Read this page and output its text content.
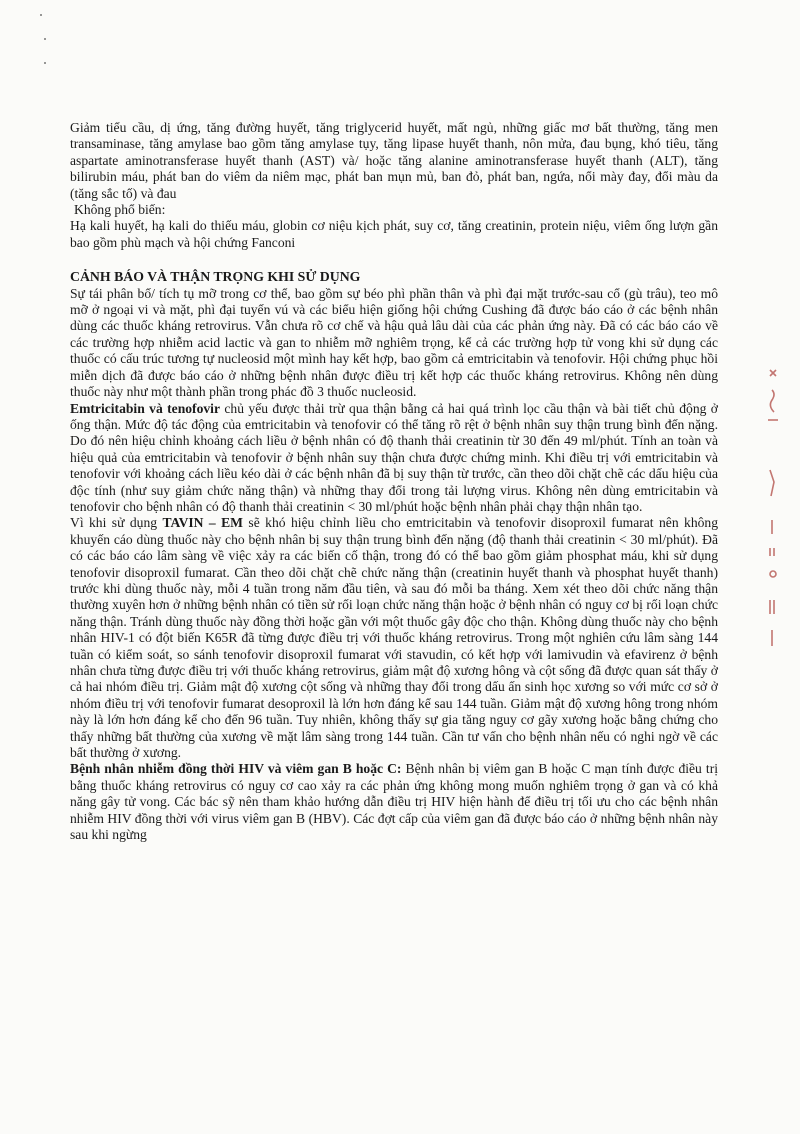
Giảm tiểu cầu, dị ứng, tăng đường huyết, tăng triglycerid huyết, mất ngủ, những giấc mơ bất thường, tăng men transaminase, tăng amylase bao gồm tăng amylase tụy, tăng lipase huyết thanh, nôn mửa, đau bụng, khó tiêu, tăng aspartate aminotransferase huyết thanh (AST) và/ hoặc tăng alanine aminotransferase huyết thanh (ALT), tăng bilirubin máu, phát ban do viêm da niêm mạc, phát ban mụn mủ, ban đỏ, phát ban, ngứa, nổi mày đay, đổi màu da (tăng sắc tố) và đau

Không phổ biến:

Hạ kali huyết, hạ kali do thiếu máu, globin cơ niệu kịch phát, suy cơ, tăng creatinin, protein niệu, viêm ống lượn gần bao gồm phù mạch và hội chứng Fanconi

CẢNH BÁO VÀ THẬN TRỌNG KHI SỬ DỤNG

Sự tái phân bố/ tích tụ mỡ trong cơ thể, bao gồm sự béo phì phần thân và phì đại mặt trước-sau cổ (gù trâu), teo mô mỡ ở ngoại vi và mặt, phì đại tuyến vú và các biểu hiện giống hội chứng Cushing đã được báo cáo ở các bệnh nhân dùng các thuốc kháng retrovirus. Vẫn chưa rõ cơ chế và hậu quả lâu dài của các phản ứng này. Đã có các báo cáo về các trường hợp nhiễm acid lactic và gan to nhiễm mỡ nghiêm trọng, kể cả các trường hợp tử vong khi sử dụng các thuốc có cấu trúc tương tự nucleosid một mình hay kết hợp, bao gồm cả emtricitabin và tenofovir. Hội chứng phục hồi miễn dịch đã được báo cáo ở những bệnh nhân được điều trị kết hợp các thuốc kháng retrovirus. Không nên dùng thuốc này như một thành phần trong phác đồ 3 thuốc nucleosid.

Emtricitabin và tenofovir chủ yếu được thải trừ qua thận bằng cả hai quá trình lọc cầu thận và bài tiết chủ động ở ống thận. Mức độ tác động của emtricitabin và tenofovir có thể tăng rõ rệt ở bệnh nhân suy thận trung bình đến nặng. Do đó nên hiệu chỉnh khoảng cách liều ở bệnh nhân có độ thanh thải creatinin từ 30 đến 49 ml/phút. Tính an toàn và hiệu quả của emtricitabin và tenofovir ở bệnh nhân suy thận chưa được chứng minh. Khi điều trị với emtricitabin và tenofovir với khoảng cách liều kéo dài ở các bệnh nhân đã bị suy thận từ trước, cần theo dõi chặt chẽ các dấu hiệu của độc tính (như suy giảm chức năng thận) và những thay đổi trong tải lượng virus. Không nên dùng emtricitabin và tenofovir cho bệnh nhân có độ thanh thải creatinin < 30 ml/phút hoặc bệnh nhân phải chạy thận nhân tạo.

Vì khi sử dụng TAVIN – EM sẽ khó hiệu chỉnh liều cho emtricitabin và tenofovir disoproxil fumarat nên không khuyến cáo dùng thuốc này cho bệnh nhân bị suy thận trung bình đến nặng (độ thanh thải creatinin < 30 ml/phút). Đã có các báo cáo lâm sàng về việc xảy ra các biến cố thận, trong đó có thể bao gồm giảm phosphat máu, khi sử dụng tenofovir disoproxil fumarat. Cần theo dõi chặt chẽ chức năng thận (creatinin huyết thanh và phosphat huyết thanh) trước khi dùng thuốc này, mỗi 4 tuần trong năm đầu tiên, và sau đó mỗi ba tháng. Xem xét theo dõi chức năng thận thường xuyên hơn ở những bệnh nhân có tiền sử rối loạn chức năng thận hoặc ở bệnh nhân có nguy cơ bị rối loạn chức năng thận. Tránh dùng thuốc này đồng thời hoặc gần với một thuốc gây độc cho thận. Không dùng thuốc này cho bệnh nhân HIV-1 có đột biến K65R đã từng được điều trị với thuốc kháng retrovirus. Trong một nghiên cứu lâm sàng 144 tuần có kiểm soát, so sánh tenofovir disoproxil fumarat với stavudin, có kết hợp với lamivudin và efavirenz ở bệnh nhân chưa từng được điều trị với thuốc kháng retrovirus, giảm mật độ xương hông và cột sống đã được quan sát thấy ở cả hai nhóm điều trị. Giảm mật độ xương cột sống và những thay đổi trong dấu ấn sinh học xương so với mức cơ sở ở nhóm điều trị với tenofovir fumarat desoproxil là lớn hơn đáng kể sau 144 tuần. Giảm mật độ xương hông trong nhóm này là lớn hơn đáng kể cho đến 96 tuần. Tuy nhiên, không thấy sự gia tăng nguy cơ gãy xương hoặc bằng chứng cho thấy những bất thường của xương về mặt lâm sàng trong 144 tuần. Cần tư vấn cho bệnh nhân nếu có nghi ngờ về các bất thường ở xương.

Bệnh nhân nhiễm đồng thời HIV và viêm gan B hoặc C: Bệnh nhân bị viêm gan B hoặc C mạn tính được điều trị bằng thuốc kháng retrovirus có nguy cơ cao xảy ra các phản ứng không mong muốn nghiêm trọng ở gan và có khả năng gây tử vong. Các bác sỹ nên tham khảo hướng dẫn điều trị HIV hiện hành để điều trị tối ưu cho các bệnh nhân nhiễm HIV đồng thời với virus viêm gan B (HBV). Các đợt cấp của viêm gan đã được báo cáo ở những bệnh nhân này sau khi ngừng
